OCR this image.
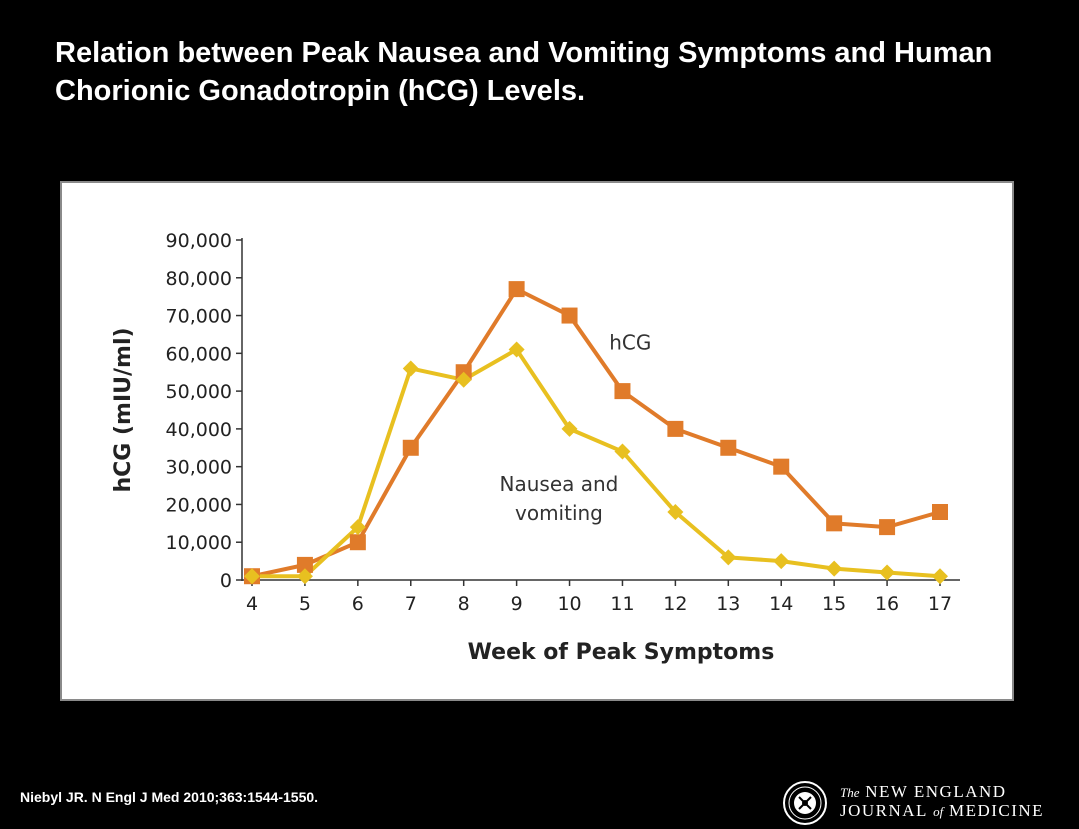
Relation between Peak Nausea and Vomiting Symptoms and Human Chorionic Gonadotropin (hCG) Levels.
0
10,000
20,000
30,000
40,000
50,000
60,000
70,000
80,000
90,000
4 5 6 7 8 9 10 11 12 13 14 15 16 17
Week of Peak Symptoms
hCG (mIU/ml)	hCG
Nausea and
vomiting
Niebyl JR. N Engl J Med 2010;363:1544-1550.	The NEW ENGLAND
JOURNAL of MEDICINE
